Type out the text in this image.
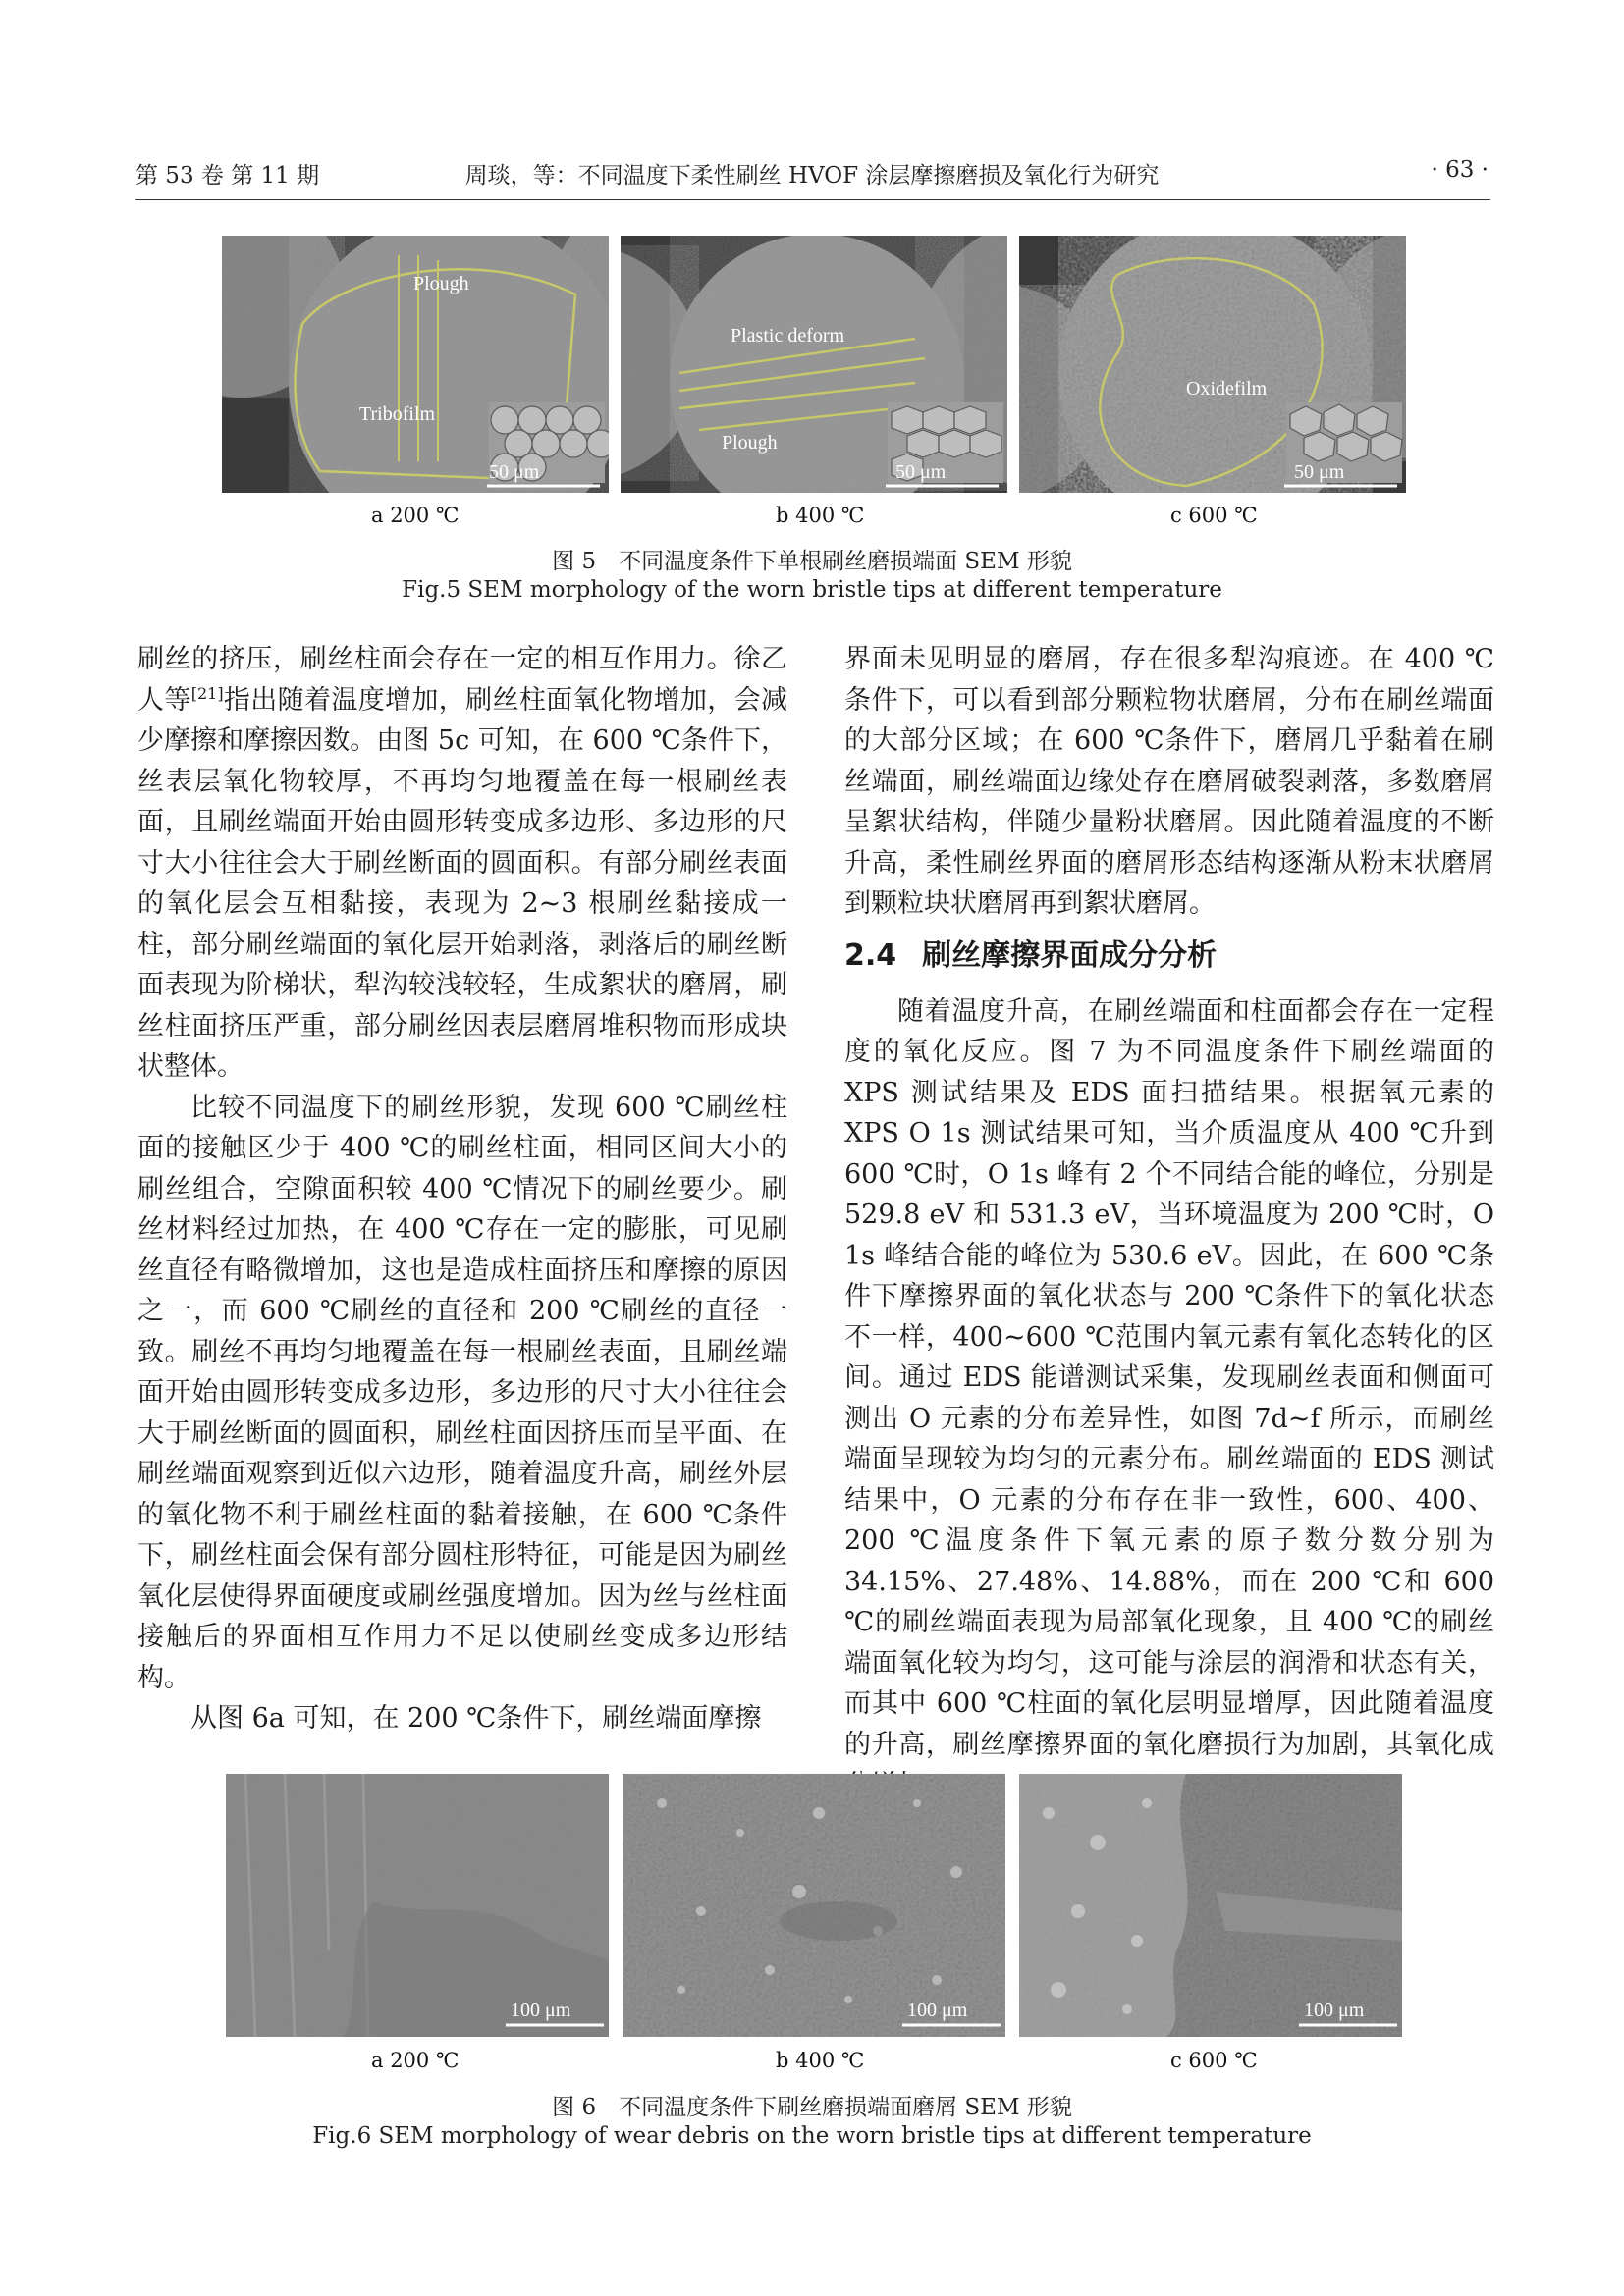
第 53 卷 第 11 期	周琰，等：不同温度下柔性刷丝 HVOF 涂层摩擦磨损及氧化行为研究	· 63 ·
Plough
Tribofilm
50 μm
Plastic deform
Plough
50 μm
Oxidefilm
50 μm
a 200 ℃	b 400 ℃	c 600 ℃
图 5　不同温度条件下单根刷丝磨损端面 SEM 形貌
Fig.5 SEM morphology of the worn bristle tips at different temperature

刷丝的挤压，刷丝柱面会存在一定的相互作用力。徐乙人等[21]指出随着温度增加，刷丝柱面氧化物增加，会减少摩擦和摩擦因数。由图 5c 可知，在 600 ℃条件下，丝表层氧化物较厚，不再均匀地覆盖在每一根刷丝表面，且刷丝端面开始由圆形转变成多边形、多边形的尺寸大小往往会大于刷丝断面的圆面积。有部分刷丝表面的氧化层会互相黏接，表现为 2~3 根刷丝黏接成一柱，部分刷丝端面的氧化层开始剥落，剥落后的刷丝断面表现为阶梯状，犁沟较浅较轻，生成絮状的磨屑，刷丝柱面挤压严重，部分刷丝因表层磨屑堆积物而形成块状整体。

比较不同温度下的刷丝形貌，发现 600 ℃刷丝柱面的接触区少于 400 ℃的刷丝柱面，相同区间大小的刷丝组合，空隙面积较 400 ℃情况下的刷丝要少。刷丝材料经过加热，在 400 ℃存在一定的膨胀，可见刷丝直径有略微增加，这也是造成柱面挤压和摩擦的原因之一，而 600 ℃刷丝的直径和 200 ℃刷丝的直径一致。刷丝不再均匀地覆盖在每一根刷丝表面，且刷丝端面开始由圆形转变成多边形，多边形的尺寸大小往往会大于刷丝断面的圆面积，刷丝柱面因挤压而呈平面、在刷丝端面观察到近似六边形，随着温度升高，刷丝外层的氧化物不利于刷丝柱面的黏着接触，在 600 ℃条件下，刷丝柱面会保有部分圆柱形特征，可能是因为刷丝氧化层使得界面硬度或刷丝强度增加。因为丝与丝柱面接触后的界面相互作用力不足以使刷丝变成多边形结构。

从图 6a 可知，在 200 ℃条件下，刷丝端面摩擦

界面未见明显的磨屑，存在很多犁沟痕迹。在 400 ℃条件下，可以看到部分颗粒物状磨屑，分布在刷丝端面的大部分区域；在 600 ℃条件下，磨屑几乎黏着在刷丝端面，刷丝端面边缘处存在磨屑破裂剥落，多数磨屑呈絮状结构，伴随少量粉状磨屑。因此随着温度的不断升高，柔性刷丝界面的磨屑形态结构逐渐从粉末状磨屑到颗粒块状磨屑再到絮状磨屑。

2.4 刷丝摩擦界面成分分析

随着温度升高，在刷丝端面和柱面都会存在一定程度的氧化反应。图 7 为不同温度条件下刷丝端面的 XPS 测试结果及 EDS 面扫描结果。根据氧元素的 XPS O 1s 测试结果可知，当介质温度从 400 ℃升到 600 ℃时，O 1s 峰有 2 个不同结合能的峰位，分别是 529.8 eV 和 531.3 eV，当环境温度为 200 ℃时，O 1s 峰结合能的峰位为 530.6 eV。因此，在 600 ℃条件下摩擦界面的氧化状态与 200 ℃条件下的氧化状态不一样，400~600 ℃范围内氧元素有氧化态转化的区间。通过 EDS 能谱测试采集，发现刷丝表面和侧面可测出 O 元素的分布差异性，如图 7d~f 所示，而刷丝端面呈现较为均匀的元素分布。刷丝端面的 EDS 测试结果中，O 元素的分布存在非一致性，600、400、200 ℃温度条件下氧元素的原子数分数分别为 34.15%、27.48%、14.88%，而在 200 ℃和 600 ℃的刷丝端面表现为局部氧化现象，且 400 ℃的刷丝端面氧化较为均匀，这可能与涂层的润滑和状态有关，而其中 600 ℃柱面的氧化层明显增厚，因此随着温度的升高，刷丝摩擦界面的氧化磨损行为加剧，其氧化成

100 μm	100 μm	100 μm
a 200 ℃	b 400 ℃	c 600 ℃
图 6　不同温度条件下刷丝磨损端面磨屑 SEM 形貌
Fig.6 SEM morphology of wear debris on the worn bristle tips at different temperature
